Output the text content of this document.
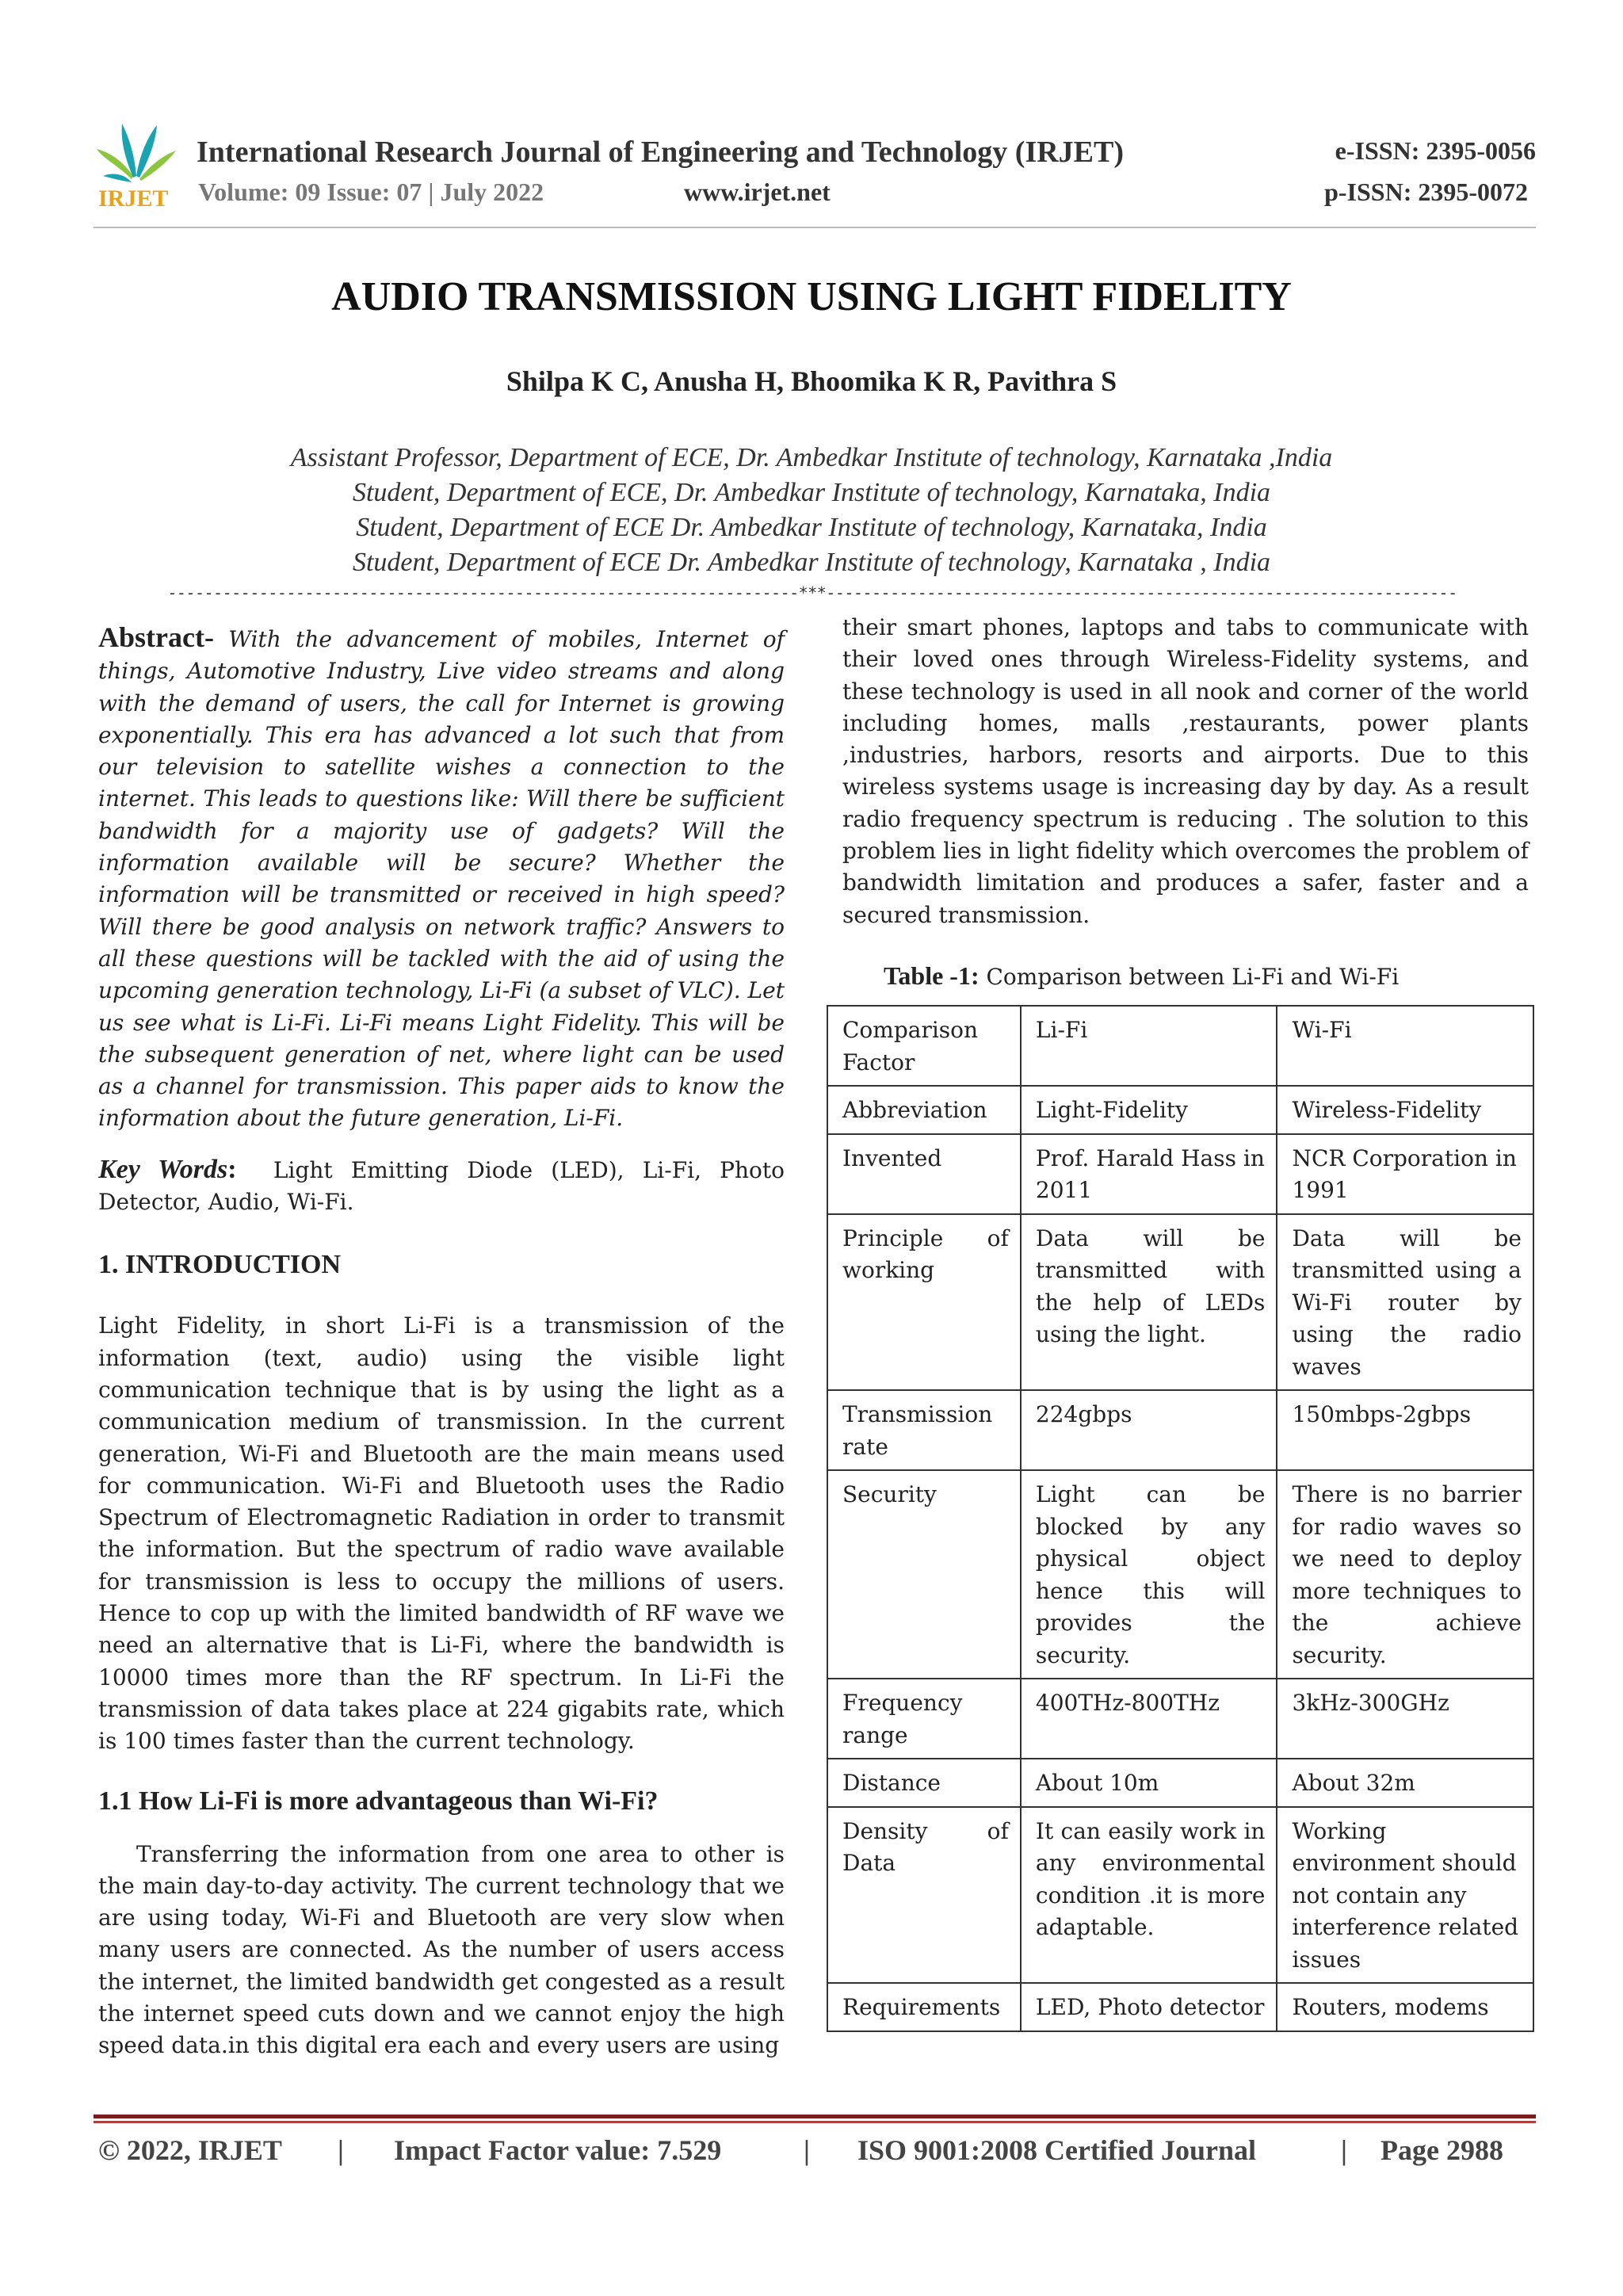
IRJET
International Research Journal of Engineering and Technology (IRJET)
Volume: 09 Issue: 07 | July 2022	www.irjet.net
e-ISSN: 2395-0056
p-ISSN: 2395-0072
AUDIO TRANSMISSION USING LIGHT FIDELITY
Shilpa K C, Anusha H, Bhoomika K R, Pavithra S
Assistant Professor, Department of ECE, Dr. Ambedkar Institute of technology, Karnataka ,India
Student, Department of ECE, Dr. Ambedkar Institute of technology, Karnataka, India
Student, Department of ECE Dr. Ambedkar Institute of technology, Karnataka, India
Student, Department of ECE Dr. Ambedkar Institute of technology, Karnataka , India
---------------------------------------------------------------------***---------------------------------------------------------------------

Abstract- With the advancement of mobiles, Internet of things, Automotive Industry, Live video streams and along with the demand of users, the call for Internet is growing exponentially. This era has advanced a lot such that from our television to satellite wishes a connection to the internet. This leads to questions like: Will there be sufficient bandwidth for a majority use of gadgets? Will the information available will be secure? Whether the information will be transmitted or received in high speed? Will there be good analysis on network traffic? Answers to all these questions will be tackled with the aid of using the upcoming generation technology, Li-Fi (a subset of VLC). Let us see what is Li-Fi. Li-Fi means Light Fidelity. This will be the subsequent generation of net, where light can be used as a channel for transmission. This paper aids to know the information about the future generation, Li-Fi.

Key Words: Light Emitting Diode (LED), Li-Fi, Photo Detector, Audio, Wi-Fi.

1. INTRODUCTION

Light Fidelity, in short Li-Fi is a transmission of the information (text, audio) using the visible light communication technique that is by using the light as a communication medium of transmission. In the current generation, Wi-Fi and Bluetooth are the main means used for communication. Wi-Fi and Bluetooth uses the Radio Spectrum of Electromagnetic Radiation in order to transmit the information. But the spectrum of radio wave available for transmission is less to occupy the millions of users. Hence to cop up with the limited bandwidth of RF wave we need an alternative that is Li-Fi, where the bandwidth is 10000 times more than the RF spectrum. In Li-Fi the transmission of data takes place at 224 gigabits rate, which is 100 times faster than the current technology.

1.1 How Li-Fi is more advantageous than Wi-Fi?

Transferring the information from one area to other is the main day-to-day activity. The current technology that we are using today, Wi-Fi and Bluetooth are very slow when many users are connected. As the number of users access the internet, the limited bandwidth get congested as a result the internet speed cuts down and we cannot enjoy the high speed data.in this digital era each and every users are using

their smart phones, laptops and tabs to communicate with their loved ones through Wireless-Fidelity systems, and these technology is used in all nook and corner of the world including homes, malls ,restaurants, power plants ,industries, harbors, resorts and airports. Due to this wireless systems usage is increasing day by day. As a result radio frequency spectrum is reducing . The solution to this problem lies in light fidelity which overcomes the problem of bandwidth limitation and produces a safer, faster and a secured transmission.

Table -1: Comparison between Li-Fi and Wi-Fi

Comparison Factor	Li-Fi	Wi-Fi
Abbreviation	Light-Fidelity	Wireless-Fidelity
Invented	Prof. Harald Hass in 2011	NCR Corporation in 1991
Principle of working	Data will be transmitted with the help of LEDs using the light.	Data will be transmitted using a Wi-Fi router by using the radio waves
Transmission rate	224gbps	150mbps-2gbps
Security	Light can be blocked by any physical object hence this will provides the security.	There is no barrier for radio waves so we need to deploy more techniques to the achieve security.
Frequency range	400THz-800THz	3kHz-300GHz
Distance	About 10m	About 32m
Density of Data	It can easily work in any environmental condition .it is more adaptable.	Working environment should not contain any interference related issues
Requirements	LED, Photo detector	Routers, modems
© 2022, IRJET | Impact Factor value: 7.529	| ISO 9001:2008 Certified Journal	| Page 2988
